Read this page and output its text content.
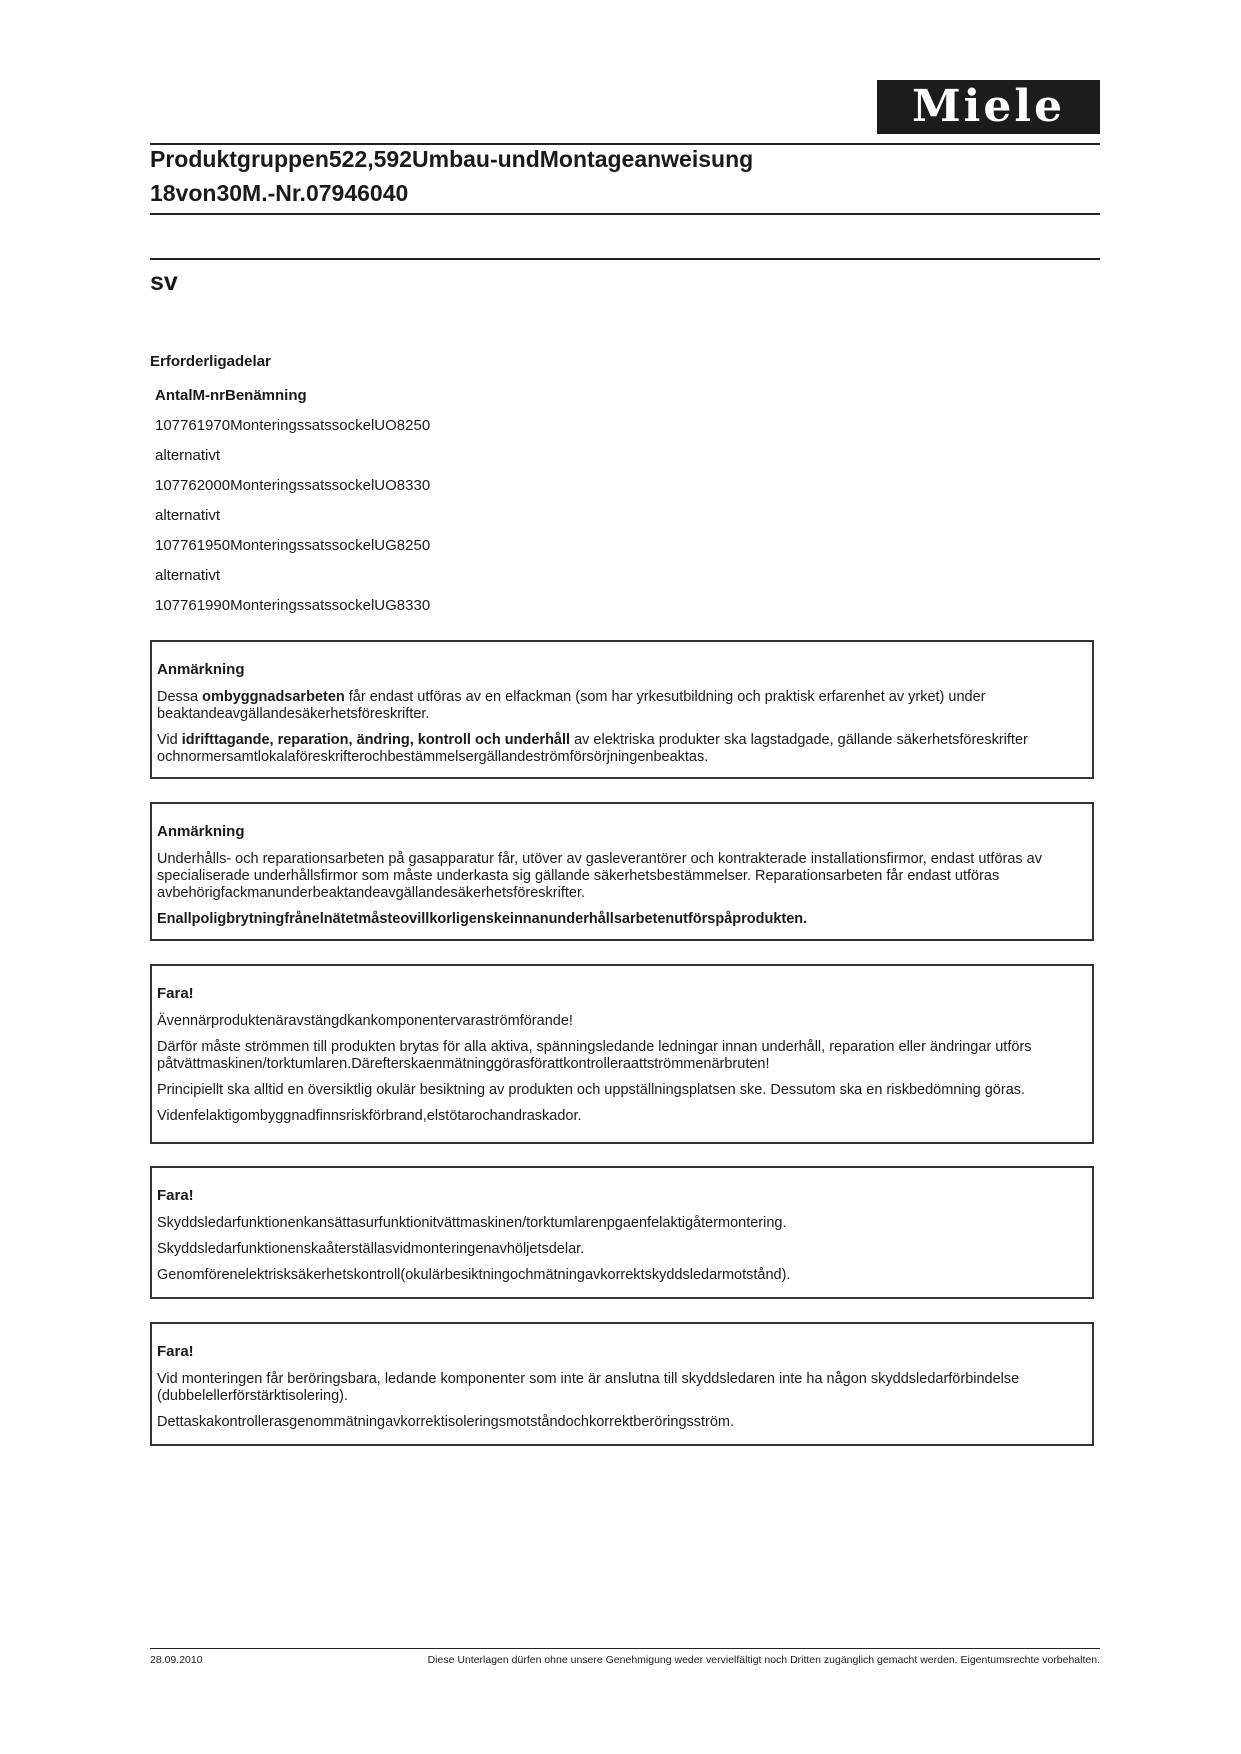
Miele
Produktgruppen522,592Umbau-undMontageanweisung
18von30M.-Nr.07946040
sv
Erforderligadelar
AntalM-nrBenämning
107761970MonteringssatssockelUO8250
alternativt
107762000MonteringssatssockelUO8330
alternativt
107761950MonteringssatssockelUG8250
alternativt
107761990MonteringssatssockelUG8330
Anmärkning

Dessa ombyggnadsarbeten får endast utföras av en elfackman (som har yrkesutbildning och praktisk erfarenhet av yrket) under beaktandeavgällandesäkerhetsföreskrifter.

Vid idrifttagande, reparation, ändring, kontroll och underhåll av elektriska produkter ska lagstadgade, gällande säkerhetsföreskrifter ochnormersamtlokalaföreskrifterochbestämmelsergällandeströmförsörjningenbeaktas.

Anmärkning

Underhålls- och reparationsarbeten på gasapparatur får, utöver av gasleverantörer och kontrakterade installationsfirmor, endast utföras av specialiserade underhållsfirmor som måste underkasta sig gällande säkerhetsbestämmelser. Reparationsarbeten får endast utföras avbehörigfackmanunderbeaktandeavgällandesäkerhetsföreskrifter.

Enallpoligbrytningfrånelnätetmåsteovillkorligenskeinnanunderhållsarbetenutförspåprodukten.

Fara!

Ävennärproduktenäravstängdkankomponentervaraströmförande!

Därför måste strömmen till produkten brytas för alla aktiva, spänningsledande ledningar innan underhåll, reparation eller ändringar utförs påtvättmaskinen/torktumlaren.Därefterskaenmätninggörasförattkontrolleraattströmmenärbruten!

Principiellt ska alltid en översiktlig okulär besiktning av produkten och uppställningsplatsen ske. Dessutom ska en riskbedömning göras.

Videnfelaktigombyggnadfinnsriskförbrand,elstötarochandraskador.

Fara!

Skyddsledarfunktionenkansättasurfunktionitvättmaskinen/torktumlarenpgaenfelaktigåtermontering.

Skyddsledarfunktionenskaåterställasvidmonteringenavhöljetsdelar.

Genomförenelektrisksäkerhetskontroll(okulärbesiktningochmätningavkorrektskyddsledarmotstånd).

Fara!

Vid monteringen får beröringsbara, ledande komponenter som inte är anslutna till skyddsledaren inte ha någon skyddsledarförbindelse (dubbelellerförstärktisolering).

Dettaskakontrollerasgenommätningavkorrektisoleringsmotståndochkorrektberöringsström.

28.09.2010	Diese Unterlagen dürfen ohne unsere Genehmigung weder vervielfältigt noch Dritten zugänglich gemacht werden. Eigentumsrechte vorbehalten.
